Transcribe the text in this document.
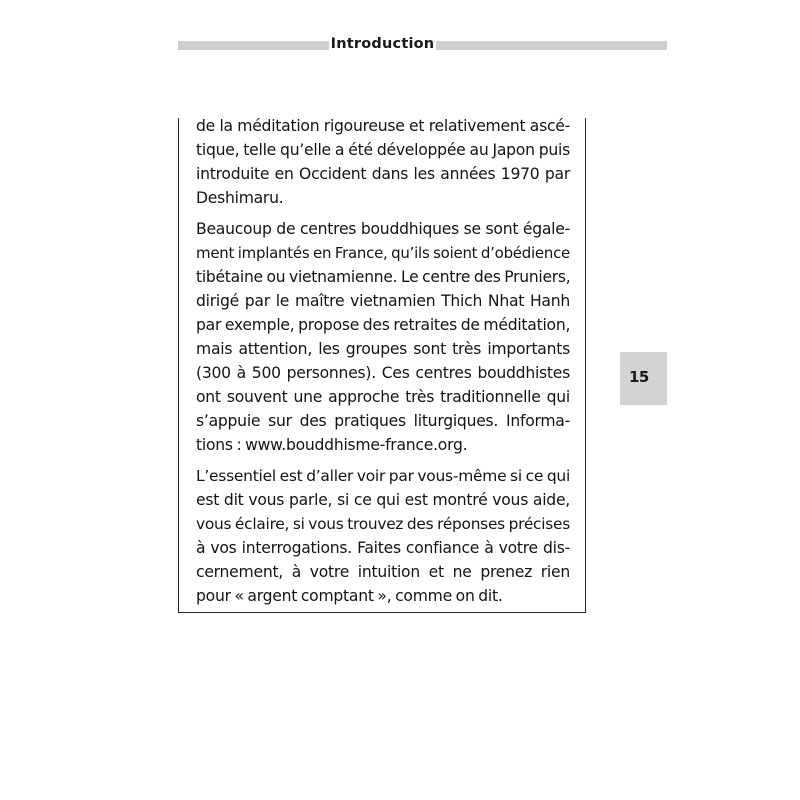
Introduction
de la méditation rigoureuse et relativement ascé-
tique, telle qu’elle a été développée au Japon puis
introduite en Occident dans les années 1970 par
Deshimaru.
Beaucoup de centres bouddhiques se sont égale-
ment implantés en France, qu’ils soient d’obédience
tibétaine ou vietnamienne. Le centre des Pruniers,
dirigé par le maître vietnamien Thich Nhat Hanh
par exemple, propose des retraites de méditation,
mais attention, les groupes sont très importants
(300 à 500 personnes). Ces centres bouddhistes
ont souvent une approche très traditionnelle qui
s’appuie sur des pratiques liturgiques. Informa-
tions : www.bouddhisme-france.org.
L’essentiel est d’aller voir par vous-même si ce qui
est dit vous parle, si ce qui est montré vous aide,
vous éclaire, si vous trouvez des réponses précises
à vos interrogations. Faites confiance à votre dis-
cernement, à votre intuition et ne prenez rien
pour « argent comptant », comme on dit.
15
